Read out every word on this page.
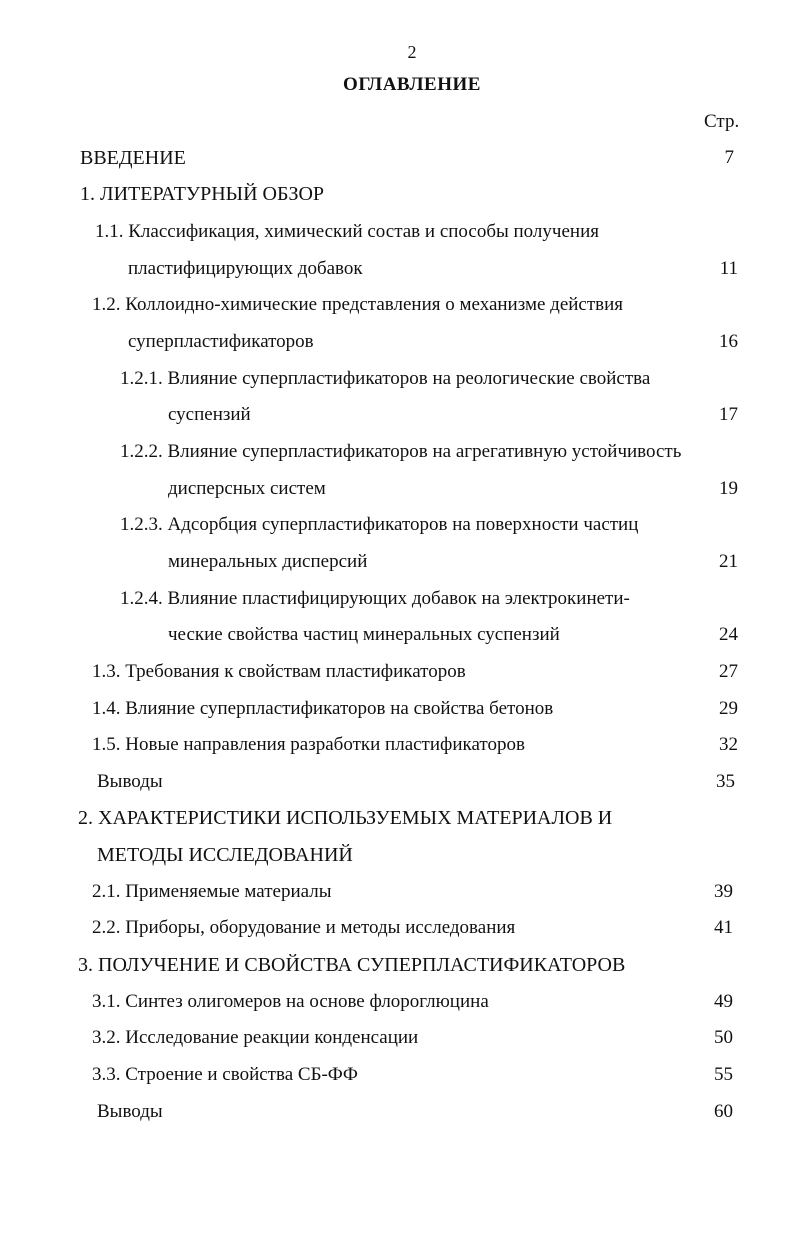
2
ОГЛАВЛЕНИЕ
Стр.
ВВЕДЕНИЕ	7
1. ЛИТЕРАТУРНЫЙ ОБЗОР
1.1. Классификация, химический состав и способы получения
пластифицирующих добавок	11
1.2. Коллоидно-химические представления о механизме действия
суперпластификаторов	16
1.2.1. Влияние суперпластификаторов на реологические свойства
суспензий	17
1.2.2. Влияние суперпластификаторов на агрегативную устойчивость
дисперсных систем	19
1.2.3. Адсорбция суперпластификаторов на поверхности частиц
минеральных дисперсий	21
1.2.4. Влияние пластифицирующих добавок на электрокинети-
ческие свойства частиц минеральных суспензий	24
1.3. Требования к свойствам пластификаторов	27
1.4. Влияние суперпластификаторов на свойства бетонов	29
1.5. Новые направления разработки пластификаторов	32
Выводы	35
2. ХАРАКТЕРИСТИКИ ИСПОЛЬЗУЕМЫХ МАТЕРИАЛОВ И
МЕТОДЫ ИССЛЕДОВАНИЙ
2.1. Применяемые материалы	39
2.2. Приборы, оборудование и методы исследования	41
3. ПОЛУЧЕНИЕ И СВОЙСТВА СУПЕРПЛАСТИФИКАТОРОВ
3.1. Синтез олигомеров на основе флороглюцина	49
3.2. Исследование реакции конденсации	50
3.3. Строение и свойства СБ-ФФ	55
Выводы	60
